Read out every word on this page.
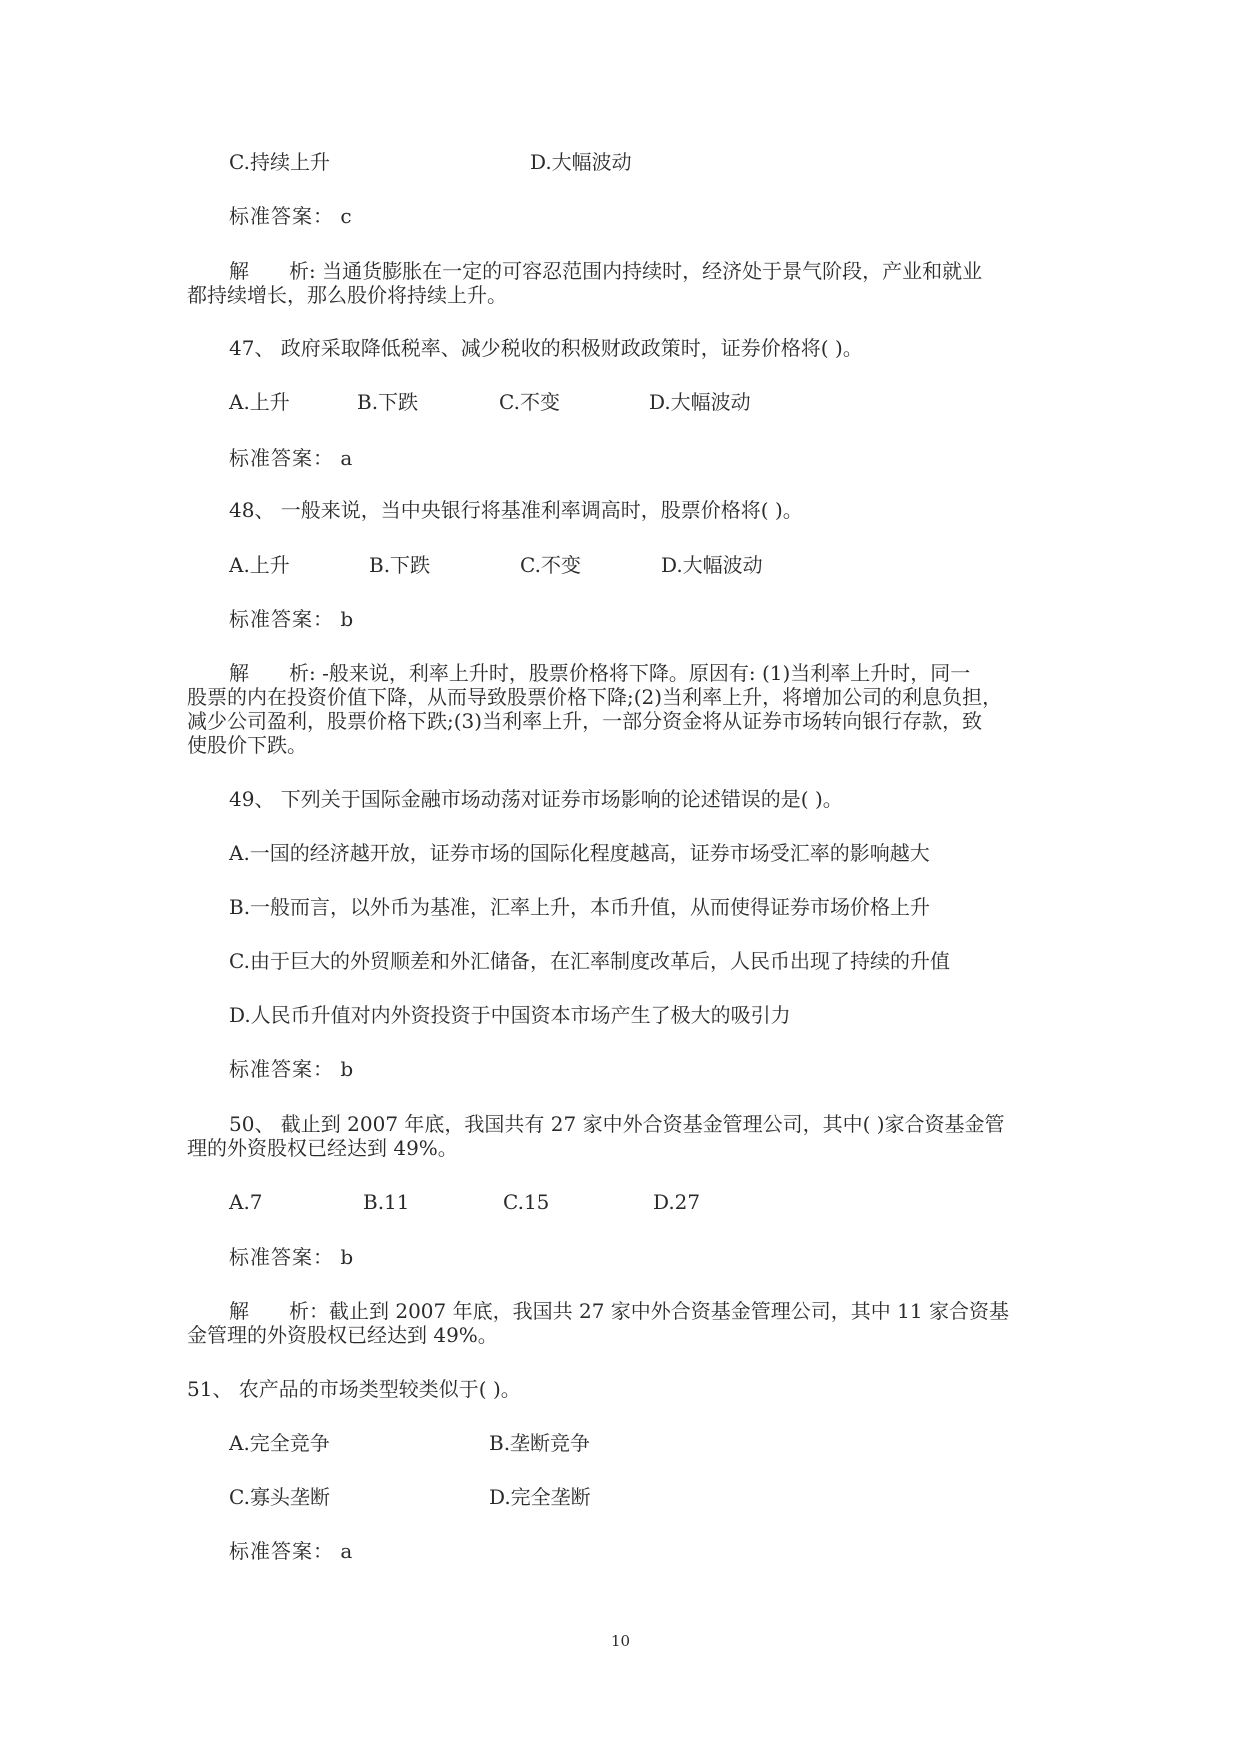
C.持续上升	D.大幅波动
标准答案： c
解　　析: 当通货膨胀在一定的可容忍范围内持续时，经济处于景气阶段，产业和就业
都持续增长，那么股价将持续上升。
47、 政府采取降低税率、减少税收的积极财政政策时，证券价格将( )。
A.上升	B.下跌	C.不变	D.大幅波动
标准答案： a
48、 一般来说，当中央银行将基准利率调高时，股票价格将( )。
A.上升	B.下跌	C.不变	D.大幅波动
标准答案： b
解　　析: -般来说，利率上升时，股票价格将下降。原因有: (1)当利率上升时，同一
股票的内在投资价值下降，从而导致股票价格下降;(2)当利率上升，将增加公司的利息负担，
减少公司盈利，股票价格下跌;(3)当利率上升，一部分资金将从证券市场转向银行存款，致
使股价下跌。
49、 下列关于国际金融市场动荡对证券市场影响的论述错误的是( )。
A.一国的经济越开放，证券市场的国际化程度越高，证券市场受汇率的影响越大
B.一般而言，以外币为基准，汇率上升，本币升值，从而使得证券市场价格上升
C.由于巨大的外贸顺差和外汇储备，在汇率制度改革后，人民币出现了持续的升值
D.人民币升值对内外资投资于中国资本市场产生了极大的吸引力
标准答案： b
50、 截止到 2007 年底，我国共有 27 家中外合资基金管理公司，其中( )家合资基金管
理的外资股权已经达到 49%。
A.7	B.11	C.15	D.27
标准答案： b
解　　析：截止到 2007 年底，我国共 27 家中外合资基金管理公司，其中 11 家合资基
金管理的外资股权已经达到 49%。
51、 农产品的市场类型较类似于( )。
A.完全竞争	B.垄断竞争
C.寡头垄断	D.完全垄断
标准答案： a
10
